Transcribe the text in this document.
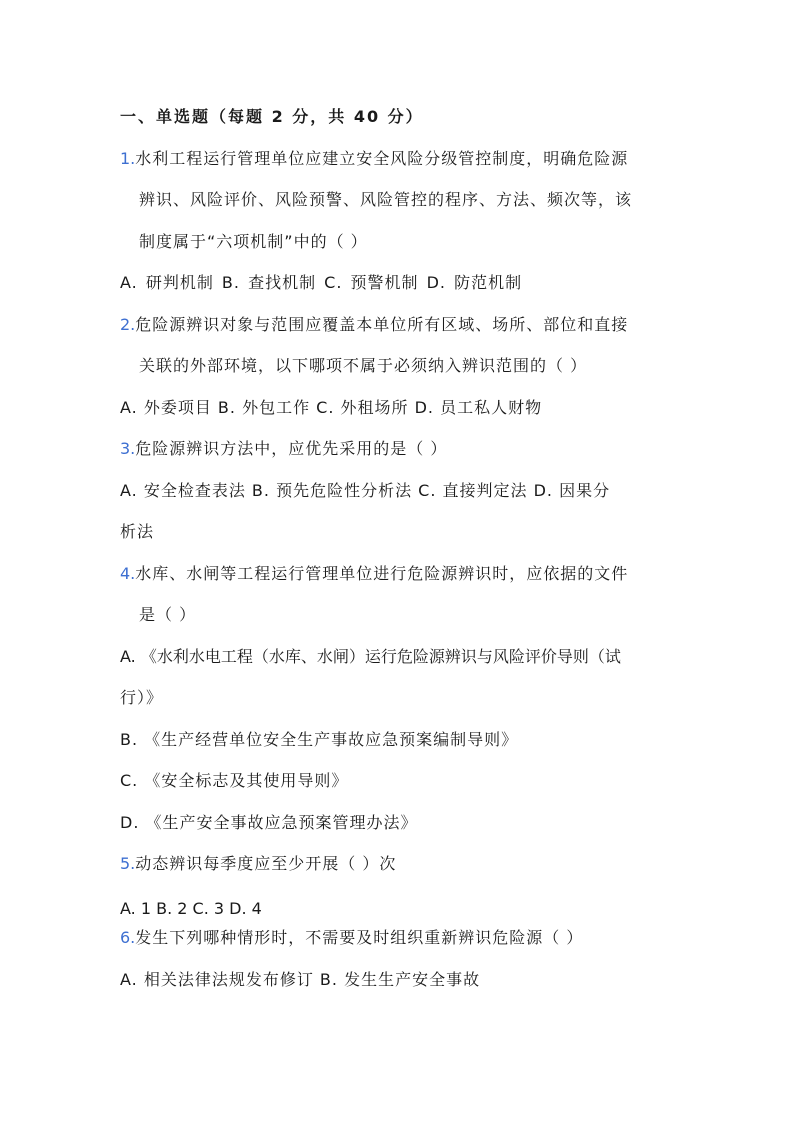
一、单选题（每题 2 分，共 40 分）
1.水利工程运行管理单位应建立安全风险分级管控制度，明确危险源
辨识、风险评价、风险预警、风险管控的程序、方法、频次等，该
制度属于“六项机制”中的（ ）
A. 研判机制 B. 查找机制 C. 预警机制 D. 防范机制
2.危险源辨识对象与范围应覆盖本单位所有区域、场所、部位和直接
关联的外部环境，以下哪项不属于必须纳入辨识范围的（ ）
A. 外委项目 B. 外包工作 C. 外租场所 D. 员工私人财物
3.危险源辨识方法中，应优先采用的是（ ）
A. 安全检查表法 B. 预先危险性分析法 C. 直接判定法 D. 因果分
析法
4.水库、水闸等工程运行管理单位进行危险源辨识时，应依据的文件
是（ ）
A. 《水利水电工程（水库、水闸）运行危险源辨识与风险评价导则（试
行）》
B. 《生产经营单位安全生产事故应急预案编制导则》
C. 《安全标志及其使用导则》
D. 《生产安全事故应急预案管理办法》
5.动态辨识每季度应至少开展（ ）次
A. 1 B. 2 C. 3 D. 4
6.发生下列哪种情形时，不需要及时组织重新辨识危险源（ ）
A. 相关法律法规发布修订 B. 发生生产安全事故
